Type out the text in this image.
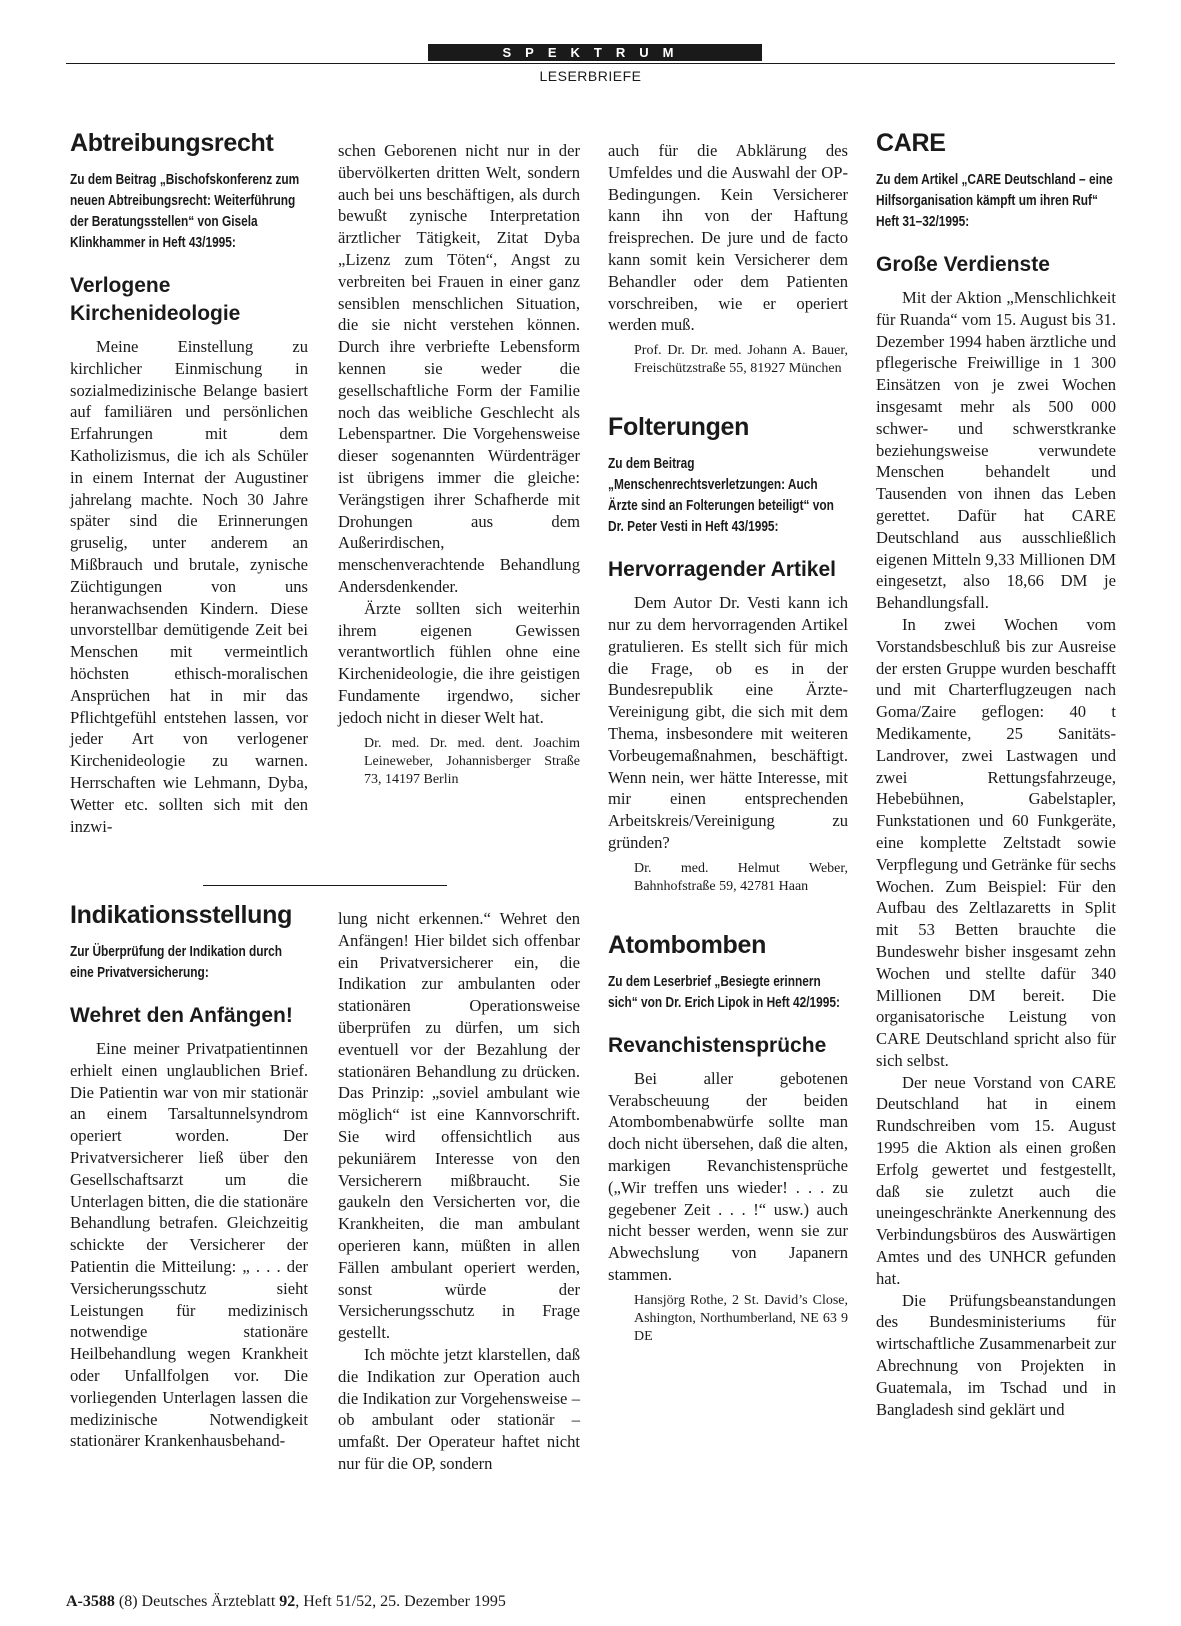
SPEKTRUM
LESERBRIEFE
Abtreibungsrecht
Zu dem Beitrag „Bischofskonferenz zum neuen Abtreibungsrecht: Weiterführung der Beratungsstellen“ von Gisela Klinkhammer in Heft 43/1995:
Verlogene Kirchenideologie
Meine Einstellung zu kirchlicher Einmischung in sozialmedizinische Belange basiert auf familiären und persönlichen Erfahrungen mit dem Katholizismus, die ich als Schüler in einem Internat der Augustiner jahrelang machte. Noch 30 Jahre später sind die Erinnerungen gruselig, unter anderem an Mißbrauch und brutale, zynische Züchtigungen von uns heranwachsenden Kindern. Diese unvorstellbar demütigende Zeit bei Menschen mit vermeintlich höchsten ethisch-moralischen Ansprüchen hat in mir das Pflichtgefühl entstehen lassen, vor jeder Art von verlogener Kirchenideologie zu warnen. Herrschaften wie Lehmann, Dyba, Wetter etc. sollten sich mit den inzwi-
schen Geborenen nicht nur in der übervölkerten dritten Welt, sondern auch bei uns beschäftigen, als durch bewußt zynische Interpretation ärztlicher Tätigkeit, Zitat Dyba „Lizenz zum Töten“, Angst zu verbreiten bei Frauen in einer ganz sensiblen menschlichen Situation, die sie nicht verstehen können. Durch ihre verbriefte Lebensform kennen sie weder die gesellschaftliche Form der Familie noch das weibliche Geschlecht als Lebenspartner. Die Vorgehensweise dieser sogenannten Würdenträger ist übrigens immer die gleiche: Verängstigen ihrer Schafherde mit Drohungen aus dem Außerirdischen, menschenverachtende Behandlung Andersdenkender.
Ärzte sollten sich weiterhin ihrem eigenen Gewissen verantwortlich fühlen ohne eine Kirchenideologie, die ihre geistigen Fundamente irgendwo, sicher jedoch nicht in dieser Welt hat.
Dr. med. Dr. med. dent. Joachim Leineweber, Johannisberger Straße 73, 14197 Berlin
Indikationsstellung
Zur Überprüfung der Indikation durch eine Privatversicherung:
Wehret den Anfängen!
Eine meiner Privatpatientinnen erhielt einen unglaublichen Brief. Die Patientin war von mir stationär an einem Tarsaltunnelsyndrom operiert worden. Der Privatversicherer ließ über den Gesellschaftsarzt um die Unterlagen bitten, die die stationäre Behandlung betrafen. Gleichzeitig schickte der Versicherer der Patientin die Mitteilung: „ . . . der Versicherungsschutz sieht Leistungen für medizinisch notwendige stationäre Heilbehandlung wegen Krankheit oder Unfallfolgen vor. Die vorliegenden Unterlagen lassen die medizinische Notwendigkeit stationärer Krankenhausbehand-
lung nicht erkennen.“ Wehret den Anfängen! Hier bildet sich offenbar ein Privatversicherer ein, die Indikation zur ambulanten oder stationären Operationsweise überprüfen zu dürfen, um sich eventuell vor der Bezahlung der stationären Behandlung zu drücken. Das Prinzip: „soviel ambulant wie möglich“ ist eine Kannvorschrift. Sie wird offensichtlich aus pekuniärem Interesse von den Versicherern mißbraucht. Sie gaukeln den Versicherten vor, die Krankheiten, die man ambulant operieren kann, müßten in allen Fällen ambulant operiert werden, sonst würde der Versicherungsschutz in Frage gestellt.
Ich möchte jetzt klarstellen, daß die Indikation zur Operation auch die Indikation zur Vorgehensweise – ob ambulant oder stationär – umfaßt. Der Operateur haftet nicht nur für die OP, sondern
auch für die Abklärung des Umfeldes und die Auswahl der OP-Bedingungen. Kein Versicherer kann ihn von der Haftung freisprechen. De jure und de facto kann somit kein Versicherer dem Behandler oder dem Patienten vorschreiben, wie er operiert werden muß.
Prof. Dr. Dr. med. Johann A. Bauer, Freischützstraße 55, 81927 München
Folterungen
Zu dem Beitrag „Menschenrechtsverletzungen: Auch Ärzte sind an Folterungen beteiligt“ von Dr. Peter Vesti in Heft 43/1995:
Hervorragender Artikel
Dem Autor Dr. Vesti kann ich nur zu dem hervorragenden Artikel gratulieren. Es stellt sich für mich die Frage, ob es in der Bundesrepublik eine Ärzte-Vereinigung gibt, die sich mit dem Thema, insbesondere mit weiteren Vorbeugemaßnahmen, beschäftigt. Wenn nein, wer hätte Interesse, mit mir einen entsprechenden Arbeitskreis/Vereinigung zu gründen?
Dr. med. Helmut Weber, Bahnhofstraße 59, 42781 Haan
Atombomben
Zu dem Leserbrief „Besiegte erinnern sich“ von Dr. Erich Lipok in Heft 42/1995:
Revanchistensprüche
Bei aller gebotenen Verabscheuung der beiden Atombombenabwürfe sollte man doch nicht übersehen, daß die alten, markigen Revanchistensprüche („Wir treffen uns wieder! . . . zu gegebener Zeit . . . !“ usw.) auch nicht besser werden, wenn sie zur Abwechslung von Japanern stammen.
Hansjörg Rothe, 2 St. David’s Close, Ashington, Northumberland, NE 63 9 DE
CARE
Zu dem Artikel „CARE Deutschland – eine Hilfsorganisation kämpft um ihren Ruf“ Heft 31–32/1995:
Große Verdienste
Mit der Aktion „Menschlichkeit für Ruanda“ vom 15. August bis 31. Dezember 1994 haben ärztliche und pflegerische Freiwillige in 1 300 Einsätzen von je zwei Wochen insgesamt mehr als 500 000 schwer- und schwerstkranke beziehungsweise verwundete Menschen behandelt und Tausenden von ihnen das Leben gerettet. Dafür hat CARE Deutschland aus ausschließlich eigenen Mitteln 9,33 Millionen DM eingesetzt, also 18,66 DM je Behandlungsfall.
In zwei Wochen vom Vorstandsbeschluß bis zur Ausreise der ersten Gruppe wurden beschafft und mit Charterflugzeugen nach Goma/Zaire geflogen: 40 t Medikamente, 25 Sanitäts-Landrover, zwei Lastwagen und zwei Rettungsfahrzeuge, Hebebühnen, Gabelstapler, Funkstationen und 60 Funkgeräte, eine komplette Zeltstadt sowie Verpflegung und Getränke für sechs Wochen. Zum Beispiel: Für den Aufbau des Zeltlazaretts in Split mit 53 Betten brauchte die Bundeswehr bisher insgesamt zehn Wochen und stellte dafür 340 Millionen DM bereit. Die organisatorische Leistung von CARE Deutschland spricht also für sich selbst.
Der neue Vorstand von CARE Deutschland hat in einem Rundschreiben vom 15. August 1995 die Aktion als einen großen Erfolg gewertet und festgestellt, daß sie zuletzt auch die uneingeschränkte Anerkennung des Verbindungsbüros des Auswärtigen Amtes und des UNHCR gefunden hat.
Die Prüfungsbeanstandungen des Bundesministeriums für wirtschaftliche Zusammenarbeit zur Abrechnung von Projekten in Guatemala, im Tschad und in Bangladesh sind geklärt und
A-3588 (8) Deutsches Ärzteblatt 92, Heft 51/52, 25. Dezember 1995
